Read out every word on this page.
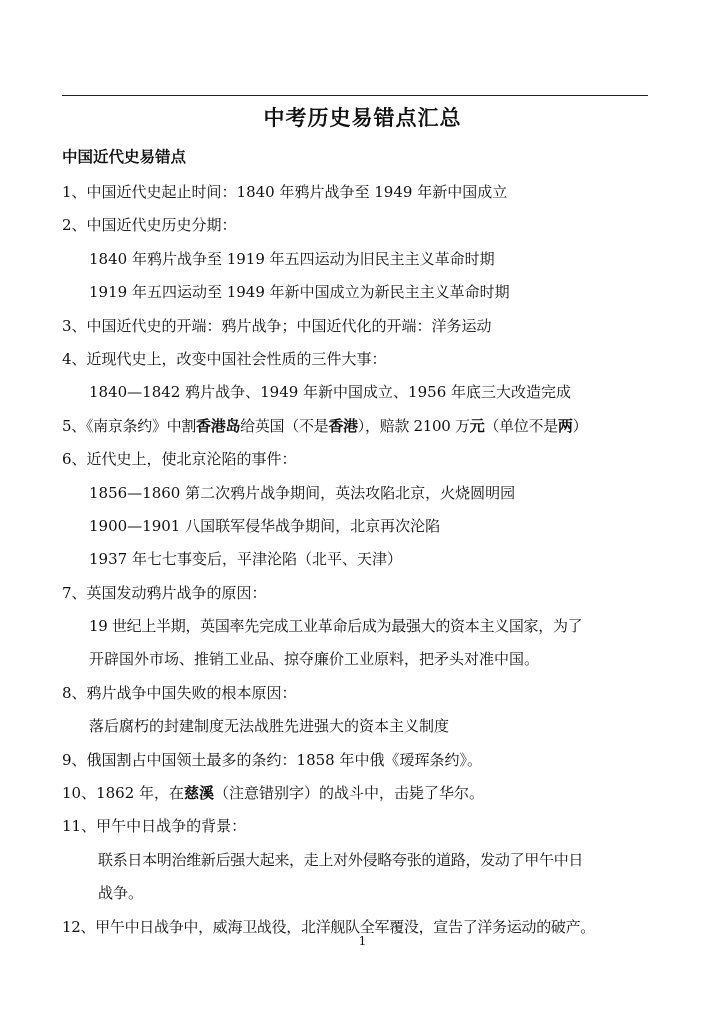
中考历史易错点汇总
中国近代史易错点
1、中国近代史起止时间：1840 年鸦片战争至 1949 年新中国成立
2、中国近代史历史分期：
1840 年鸦片战争至 1919 年五四运动为旧民主主义革命时期
1919 年五四运动至 1949 年新中国成立为新民主主义革命时期
3、中国近代史的开端：鸦片战争；中国近代化的开端：洋务运动
4、近现代史上，改变中国社会性质的三件大事：
1840—1842 鸦片战争、1949 年新中国成立、1956 年底三大改造完成
5、《南京条约》中割香港岛给英国（不是香港），赔款 2100 万元（单位不是两）
6、近代史上，使北京沦陷的事件：
1856—1860 第二次鸦片战争期间，英法攻陷北京，火烧圆明园
1900—1901 八国联军侵华战争期间，北京再次沦陷
1937 年七七事变后，平津沦陷（北平、天津）
7、英国发动鸦片战争的原因：
19 世纪上半期，英国率先完成工业革命后成为最强大的资本主义国家，为了
开辟国外市场、推销工业品、掠夺廉价工业原料，把矛头对准中国。
8、鸦片战争中国失败的根本原因：
落后腐朽的封建制度无法战胜先进强大的资本主义制度
9、俄国割占中国领土最多的条约：1858 年中俄《瑷珲条约》。
10、1862 年，在慈溪（注意错别字）的战斗中，击毙了华尔。
11、甲午中日战争的背景：
联系日本明治维新后强大起来，走上对外侵略夸张的道路，发动了甲午中日
战争。
12、甲午中日战争中，威海卫战役，北洋舰队全军覆没，宣告了洋务运动的破产。
1
